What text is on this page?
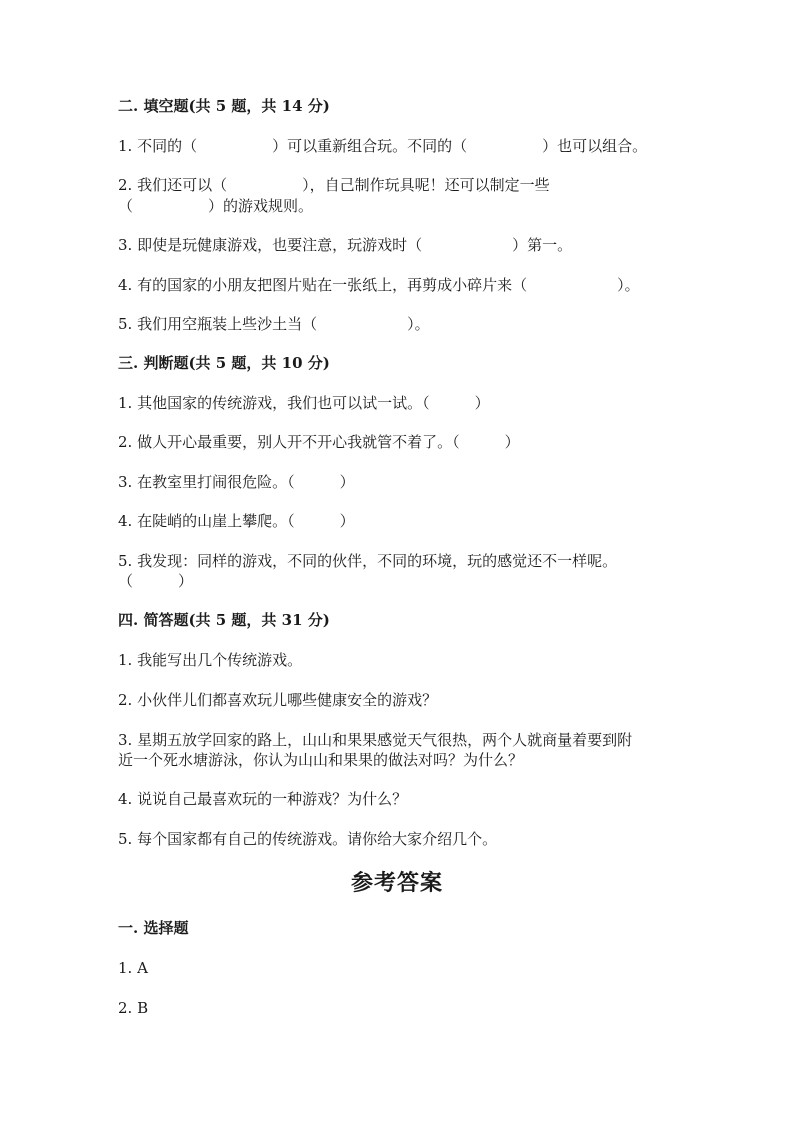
二. 填空题(共 5 题，共 14 分)
1. 不同的（　　　　　）可以重新组合玩。不同的（　　　　　）也可以组合。
2. 我们还可以（　　　　　），自己制作玩具呢！还可以制定一些
（　　　　　）的游戏规则。
3. 即使是玩健康游戏，也要注意，玩游戏时（　　　　　　）第一。
4. 有的国家的小朋友把图片贴在一张纸上，再剪成小碎片来（　　　　　　）。
5. 我们用空瓶装上些沙土当（　　　　　　）。
三. 判断题(共 5 题，共 10 分)
1. 其他国家的传统游戏，我们也可以试一试。（　　　）
2. 做人开心最重要，别人开不开心我就管不着了。（　　　）
3. 在教室里打闹很危险。（　　　）
4. 在陡峭的山崖上攀爬。（　　　）
5. 我发现：同样的游戏，不同的伙伴，不同的环境，玩的感觉还不一样呢。
（　　　）
四. 简答题(共 5 题，共 31 分)
1. 我能写出几个传统游戏。
2. 小伙伴儿们都喜欢玩儿哪些健康安全的游戏？
3. 星期五放学回家的路上，山山和果果感觉天气很热，两个人就商量着要到附
近一个死水塘游泳，你认为山山和果果的做法对吗？为什么？
4. 说说自己最喜欢玩的一种游戏？为什么？
5. 每个国家都有自己的传统游戏。请你给大家介绍几个。
参考答案
一. 选择题
1. A
2. B
